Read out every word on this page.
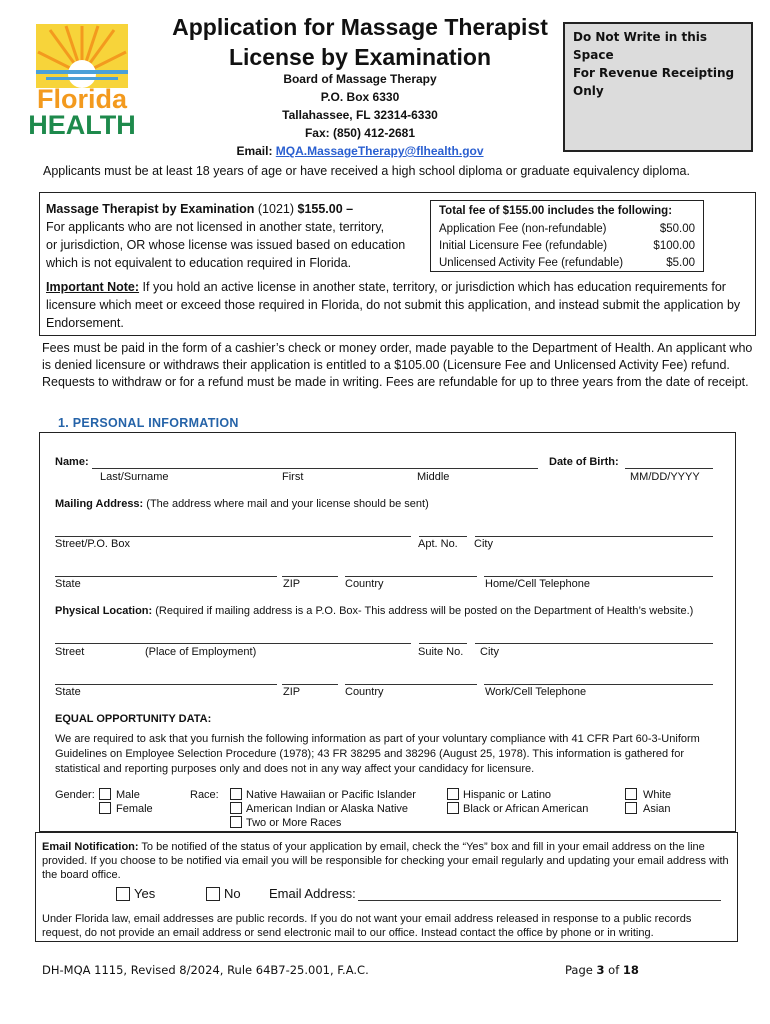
Florida
HEALTH
Application for Massage Therapist
License by Examination
Board of Massage Therapy
P.O. Box 6330
Tallahassee, FL 32314-6330
Fax: (850) 412-2681
Email: MQA.MassageTherapy@flhealth.gov
Do Not Write in this Space
For Revenue Receipting Only
Applicants must be at least 18 years of age or have received a high school diploma or graduate equivalency diploma.
Massage Therapist by Examination (1021) $155.00 –
For applicants who are not licensed in another state, territory,
or jurisdiction, OR whose license was issued based on education
which is not equivalent to education required in Florida.
Total fee of $155.00 includes the following:
Application Fee (non-refundable)	$50.00
Initial Licensure Fee (refundable)	$100.00
Unlicensed Activity Fee (refundable)	$5.00
Important Note: If you hold an active license in another state, territory, or jurisdiction which has education requirements for licensure which meet or exceed those required in Florida, do not submit this application, and instead submit the application by Endorsement.
Fees must be paid in the form of a cashier’s check or money order, made payable to the Department of Health. An applicant who is denied licensure or withdraws their application is entitled to a $105.00 (Licensure Fee and Unlicensed Activity Fee) refund. Requests to withdraw or for a refund must be made in writing. Fees are refundable for up to three years from the date of receipt.
1. PERSONAL INFORMATION
Name:	Date of Birth:
Last/Surname	First	Middle	MM/DD/YYYY
Mailing Address: (The address where mail and your license should be sent)
Street/P.O. Box	Apt. No. City
State	ZIP	Country	Home/Cell Telephone
Physical Location: (Required if mailing address is a P.O. Box- This address will be posted on the Department of Health’s website.)
Street	(Place of Employment)	Suite No. City
State	ZIP	Country	Work/Cell Telephone
EQUAL OPPORTUNITY DATA:
We are required to ask that you furnish the following information as part of your voluntary compliance with 41 CFR Part 60-3-Uniform Guidelines on Employee Selection Procedure (1978); 43 FR 38295 and 38296 (August 25, 1978). This information is gathered for statistical and reporting purposes only and does not in any way affect your candidacy for licensure.
Gender: Male
Female
Race: Native Hawaiian or Pacific Islander
American Indian or Alaska Native
Two or More Races
Hispanic or Latino
Black or African American
White
Asian
Email Notification: To be notified of the status of your application by email, check the “Yes” box and fill in your email address on the line provided. If you choose to be notified via email you will be responsible for checking your email regularly and updating your email address with the board office.
Yes	No Email Address:
Under Florida law, email addresses are public records. If you do not want your email address released in response to a public records request, do not provide an email address or send electronic mail to our office. Instead contact the office by phone or in writing.
DH-MQA 1115, Revised 8/2024, Rule 64B7-25.001, F.A.C.	Page 3 of 18
